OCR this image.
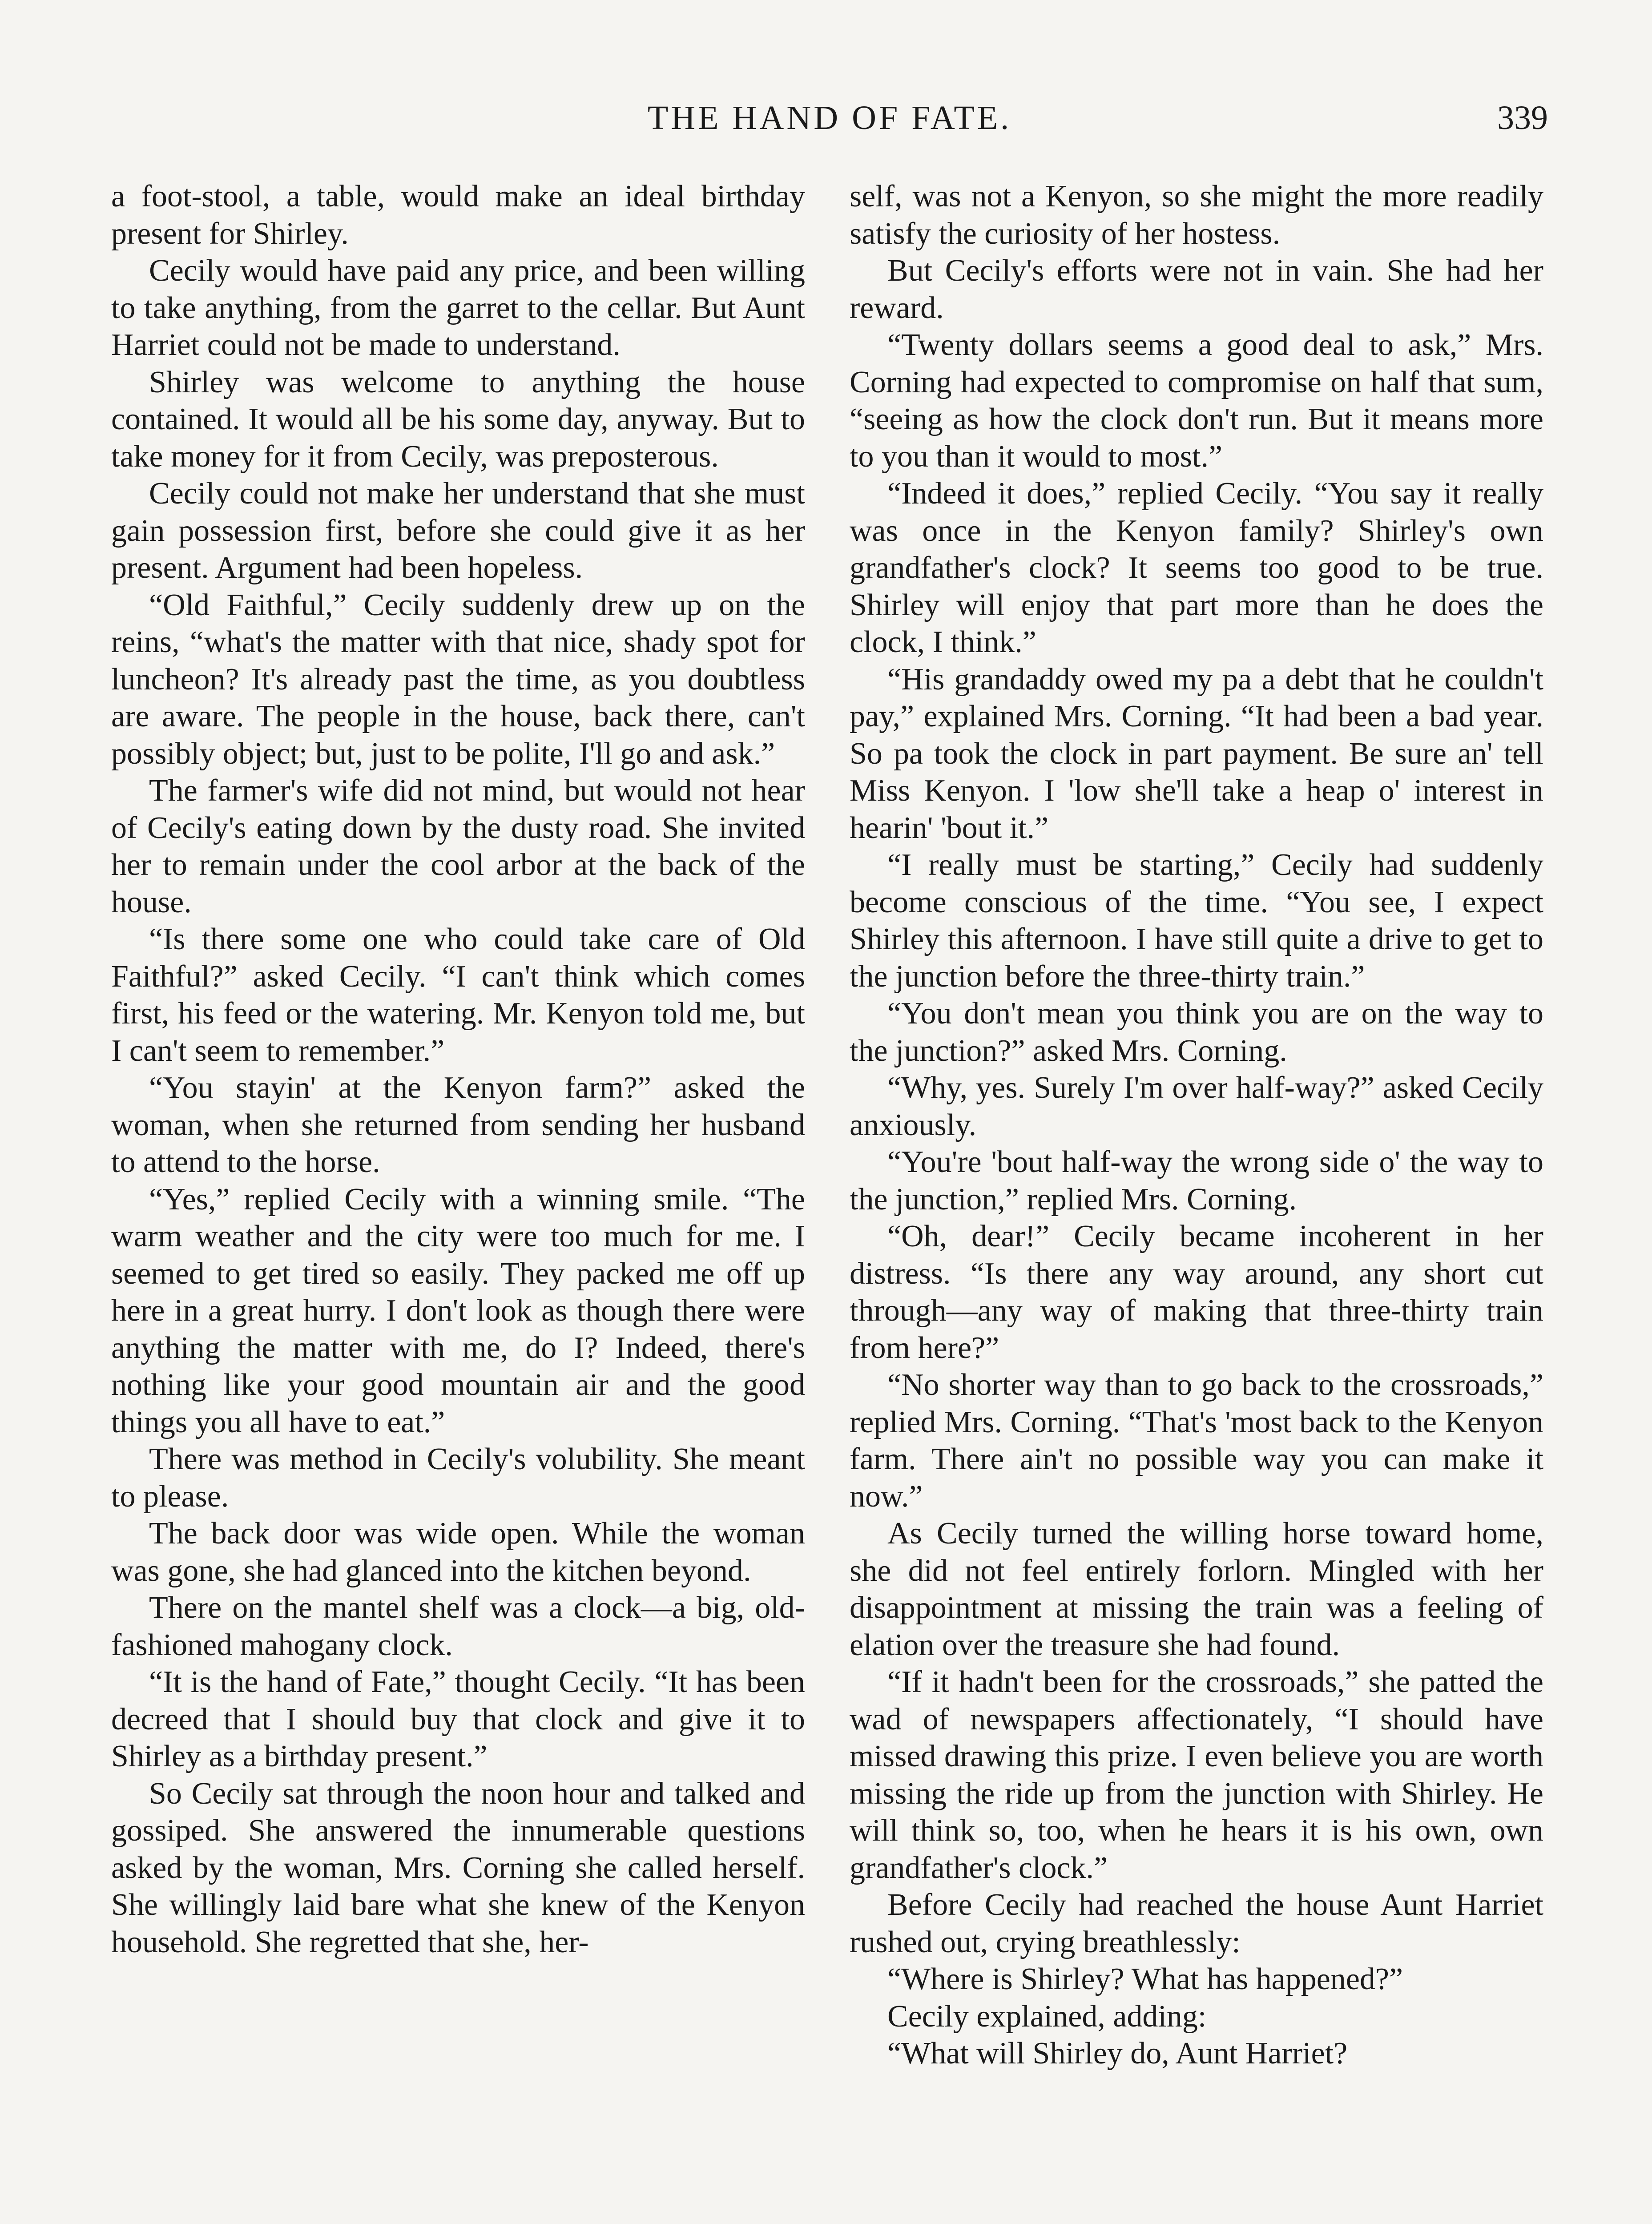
THE HAND OF FATE.	339

a foot-stool, a table, would make an ideal birthday present for Shirley.

Cecily would have paid any price, and been willing to take anything, from the garret to the cellar. But Aunt Harriet could not be made to understand.

Shirley was welcome to anything the house contained. It would all be his some day, anyway. But to take money for it from Cecily, was preposterous.

Cecily could not make her understand that she must gain possession first, before she could give it as her present. Argument had been hopeless.

“Old Faithful,” Cecily suddenly drew up on the reins, “what's the matter with that nice, shady spot for luncheon? It's already past the time, as you doubtless are aware. The people in the house, back there, can't possibly object; but, just to be polite, I'll go and ask.”

The farmer's wife did not mind, but would not hear of Cecily's eating down by the dusty road. She invited her to remain under the cool arbor at the back of the house.

“Is there some one who could take care of Old Faithful?” asked Cecily. “I can't think which comes first, his feed or the watering. Mr. Kenyon told me, but I can't seem to remember.”

“You stayin' at the Kenyon farm?” asked the woman, when she returned from sending her husband to attend to the horse.

“Yes,” replied Cecily with a winning smile. “The warm weather and the city were too much for me. I seemed to get tired so easily. They packed me off up here in a great hurry. I don't look as though there were anything the matter with me, do I? Indeed, there's nothing like your good mountain air and the good things you all have to eat.”

There was method in Cecily's volubility. She meant to please.

The back door was wide open. While the woman was gone, she had glanced into the kitchen beyond.

There on the mantel shelf was a clock—a big, old-fashioned mahogany clock.

“It is the hand of Fate,” thought Cecily. “It has been decreed that I should buy that clock and give it to Shirley as a birthday present.”

So Cecily sat through the noon hour and talked and gossiped. She answered the innumerable questions asked by the woman, Mrs. Corning she called herself. She willingly laid bare what she knew of the Kenyon household. She regretted that she, her-

self, was not a Kenyon, so she might the more readily satisfy the curiosity of her hostess.

But Cecily's efforts were not in vain. She had her reward.

“Twenty dollars seems a good deal to ask,” Mrs. Corning had expected to compromise on half that sum, “seeing as how the clock don't run. But it means more to you than it would to most.”

“Indeed it does,” replied Cecily. “You say it really was once in the Kenyon family? Shirley's own grandfather's clock? It seems too good to be true. Shirley will enjoy that part more than he does the clock, I think.”

“His grandaddy owed my pa a debt that he couldn't pay,” explained Mrs. Corning. “It had been a bad year. So pa took the clock in part payment. Be sure an' tell Miss Kenyon. I 'low she'll take a heap o' interest in hearin' 'bout it.”

“I really must be starting,” Cecily had suddenly become conscious of the time. “You see, I expect Shirley this afternoon. I have still quite a drive to get to the junction before the three-thirty train.”

“You don't mean you think you are on the way to the junction?” asked Mrs. Corning.

“Why, yes. Surely I'm over half-way?” asked Cecily anxiously.

“You're 'bout half-way the wrong side o' the way to the junction,” replied Mrs. Corning.

“Oh, dear!” Cecily became incoherent in her distress. “Is there any way around, any short cut through—any way of making that three-thirty train from here?”

“No shorter way than to go back to the crossroads,” replied Mrs. Corning. “That's 'most back to the Kenyon farm. There ain't no possible way you can make it now.”

As Cecily turned the willing horse toward home, she did not feel entirely forlorn. Mingled with her disappointment at missing the train was a feeling of elation over the treasure she had found.

“If it hadn't been for the crossroads,” she patted the wad of newspapers affectionately, “I should have missed drawing this prize. I even believe you are worth missing the ride up from the junction with Shirley. He will think so, too, when he hears it is his own, own grandfather's clock.”

Before Cecily had reached the house Aunt Harriet rushed out, crying breathlessly:

“Where is Shirley? What has happened?”

Cecily explained, adding:

“What will Shirley do, Aunt Harriet?
